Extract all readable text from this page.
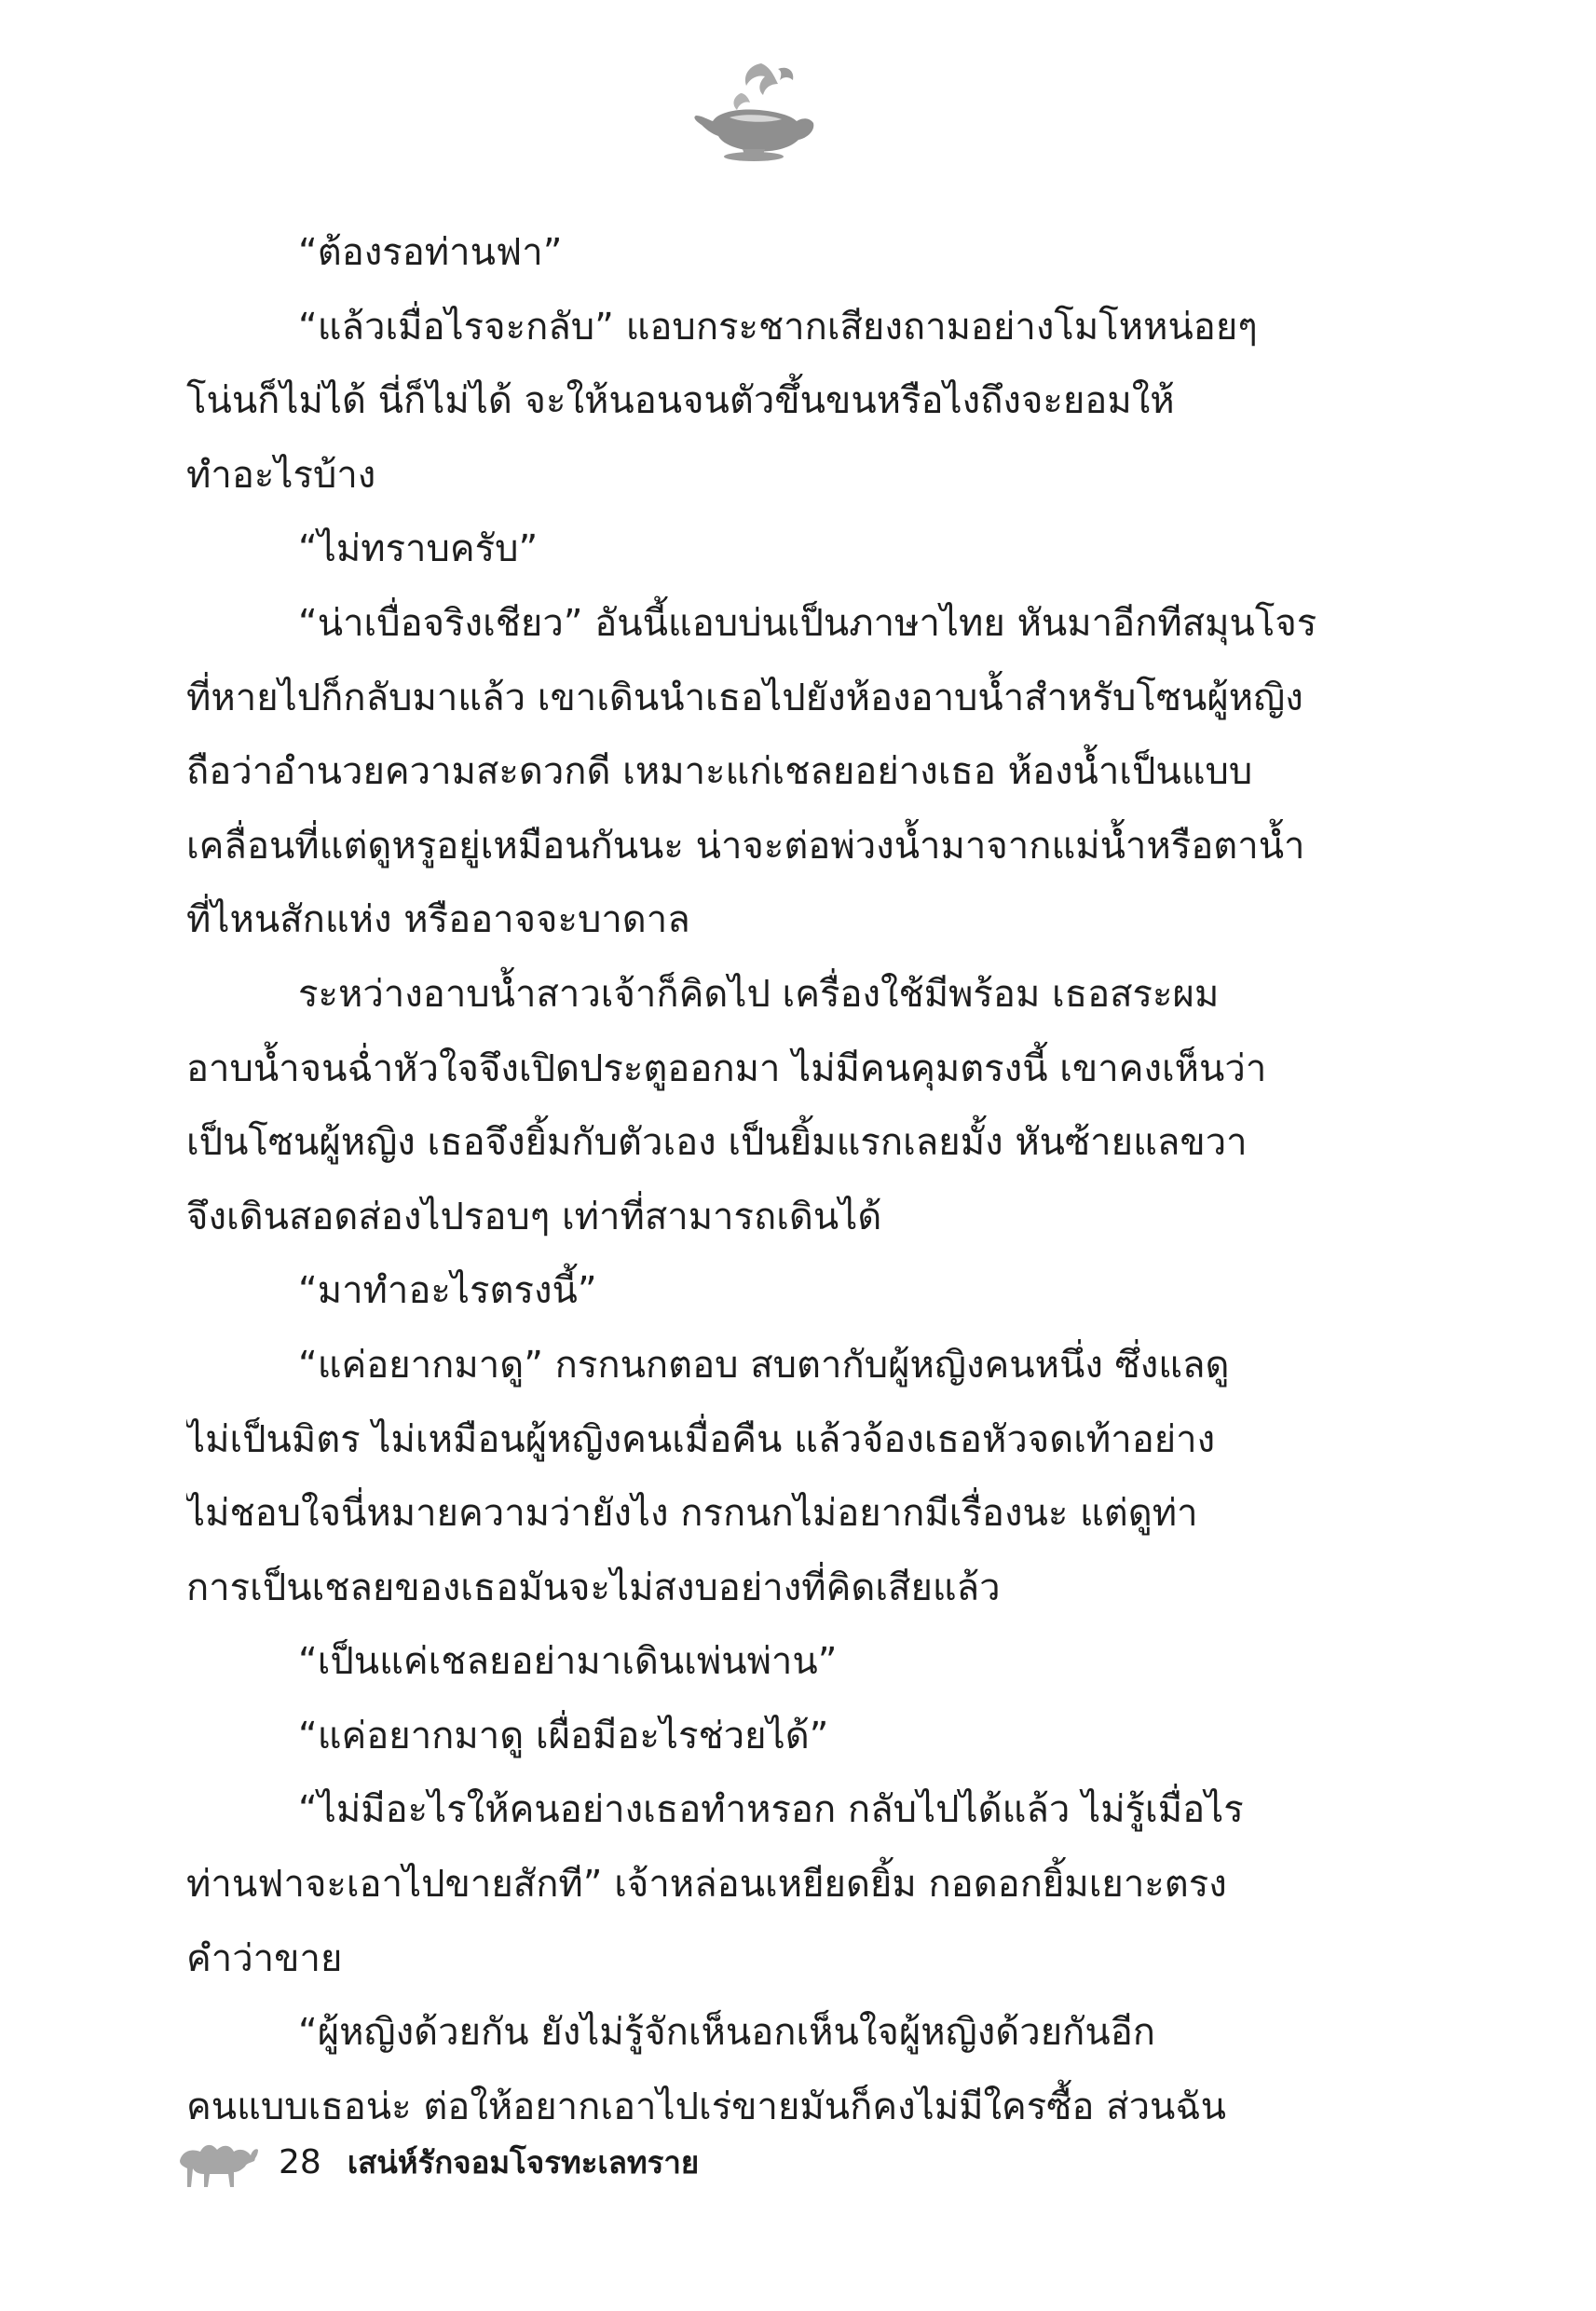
“ต้องรอท่านฟา”

“แล้วเมื่อไรจะกลับ” แอบกระชากเสียงถามอย่างโมโหหน่อยๆ

โน่นก็ไม่ได้ นี่ก็ไม่ได้ จะให้นอนจนตัวขึ้นขนหรือไงถึงจะยอมให้

ทำอะไรบ้าง

“ไม่ทราบครับ”

“น่าเบื่อจริงเชียว” อันนี้แอบบ่นเป็นภาษาไทย หันมาอีกทีสมุนโจร

ที่หายไปก็กลับมาแล้ว เขาเดินนำเธอไปยังห้องอาบน้ำสำหรับโซนผู้หญิง

ถือว่าอำนวยความสะดวกดี เหมาะแก่เชลยอย่างเธอ ห้องน้ำเป็นแบบ

เคลื่อนที่แต่ดูหรูอยู่เหมือนกันนะ น่าจะต่อพ่วงน้ำมาจากแม่น้ำหรือตาน้ำ

ที่ไหนสักแห่ง หรืออาจจะบาดาล

ระหว่างอาบน้ำสาวเจ้าก็คิดไป เครื่องใช้มีพร้อม เธอสระผม

อาบน้ำจนฉ่ำหัวใจจึงเปิดประตูออกมา ไม่มีคนคุมตรงนี้ เขาคงเห็นว่า

เป็นโซนผู้หญิง เธอจึงยิ้มกับตัวเอง เป็นยิ้มแรกเลยมั้ง หันซ้ายแลขวา

จึงเดินสอดส่องไปรอบๆ เท่าที่สามารถเดินได้

“มาทำอะไรตรงนี้”

“แค่อยากมาดู” กรกนกตอบ สบตากับผู้หญิงคนหนึ่ง ซึ่งแลดู

ไม่เป็นมิตร ไม่เหมือนผู้หญิงคนเมื่อคืน แล้วจ้องเธอหัวจดเท้าอย่าง

ไม่ชอบใจนี่หมายความว่ายังไง กรกนกไม่อยากมีเรื่องนะ แต่ดูท่า

การเป็นเชลยของเธอมันจะไม่สงบอย่างที่คิดเสียแล้ว

“เป็นแค่เชลยอย่ามาเดินเพ่นพ่าน”

“แค่อยากมาดู เผื่อมีอะไรช่วยได้”

“ไม่มีอะไรให้คนอย่างเธอทำหรอก กลับไปได้แล้ว ไม่รู้เมื่อไร

ท่านฟาจะเอาไปขายสักที” เจ้าหล่อนเหยียดยิ้ม กอดอกยิ้มเยาะตรง

คำว่าขาย

“ผู้หญิงด้วยกัน ยังไม่รู้จักเห็นอกเห็นใจผู้หญิงด้วยกันอีก

คนแบบเธอน่ะ ต่อให้อยากเอาไปเร่ขายมันก็คงไม่มีใครซื้อ ส่วนฉัน

28 เสน่ห์รักจอมโจรทะเลทราย
